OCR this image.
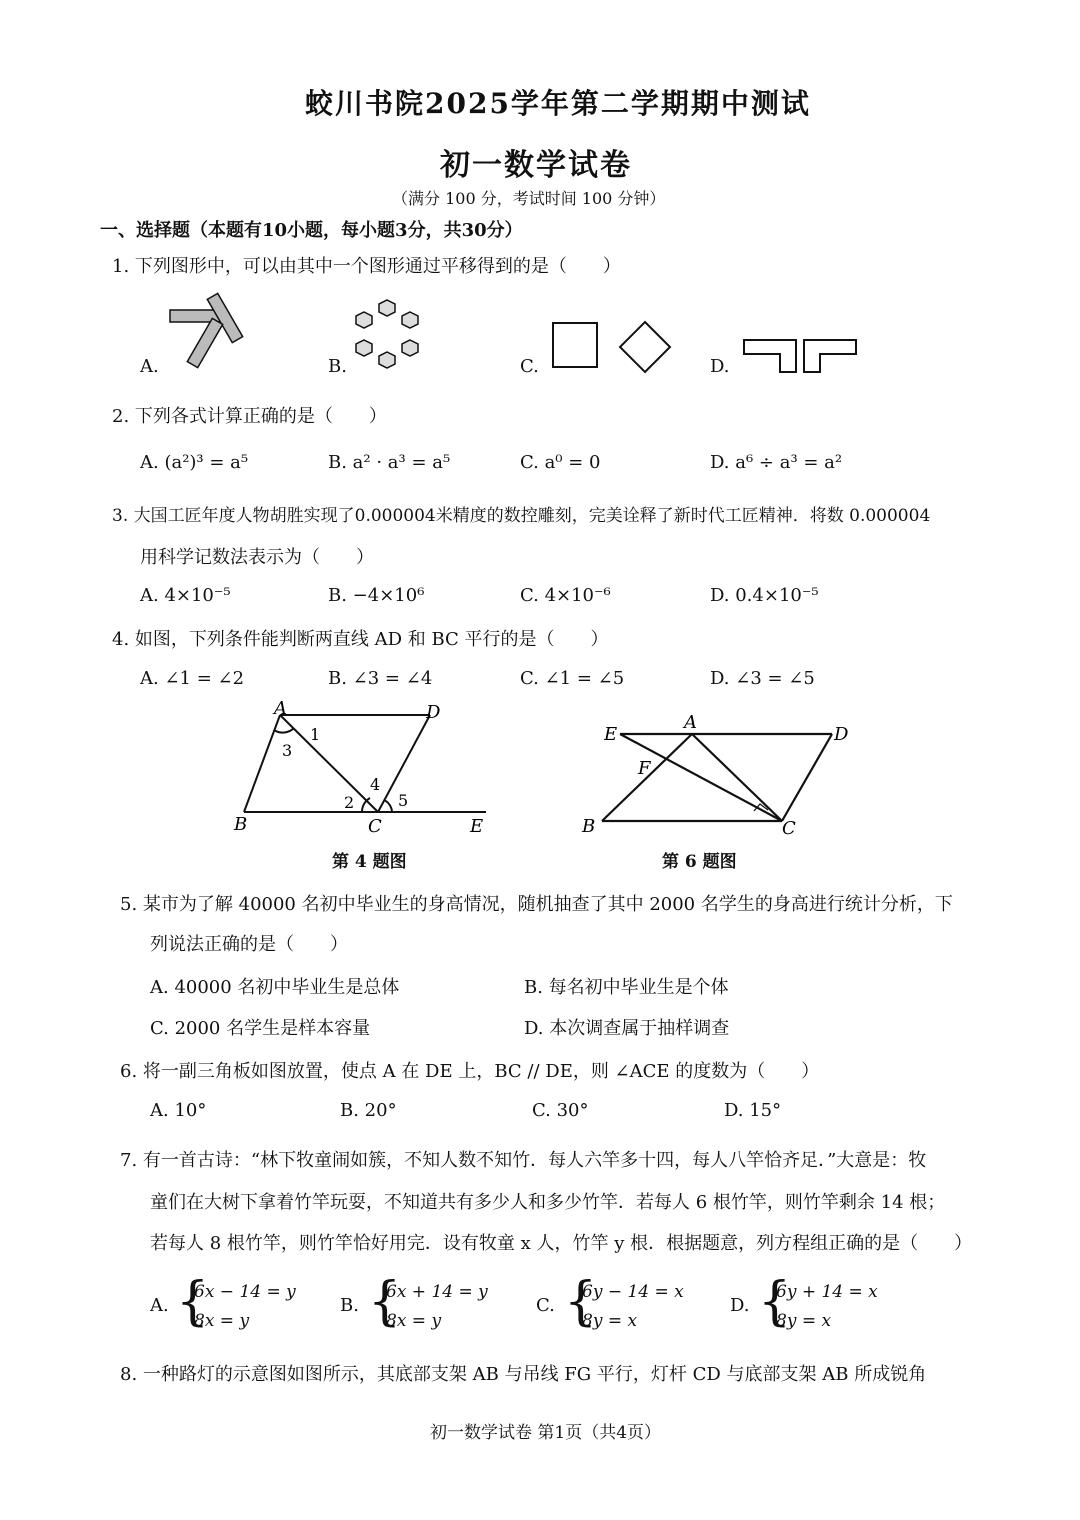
蛟川书院2025学年第二学期期中测试
初一数学试卷
（满分 100 分，考试时间 100 分钟）
一、选择题（本题有10小题，每小题3分，共30分）
1. 下列图形中，可以由其中一个图形通过平移得到的是（　　）
A.	B.	C.	D.
2. 下列各式计算正确的是（　　）
A. (a²)³ = a⁵	B. a² · a³ = a⁵	C. a⁰ = 0	D. a⁶ ÷ a³ = a²
3. 大国工匠年度人物胡胜实现了0.000004米精度的数控雕刻，完美诠释了新时代工匠精神．将数 0.000004
用科学记数法表示为（　　）
A. 4×10⁻⁵	B. −4×10⁶	C. 4×10⁻⁶	D. 0.4×10⁻⁵
4. 如图，下列条件能判断两直线 AD 和 BC 平行的是（　　）
A. ∠1 = ∠2	B. ∠3 = ∠4	C. ∠1 = ∠5	D. ∠3 = ∠5
A	D
B	C	E
1
2
3
4
5
第 4 题图
E
A
D
F
B	C
第 6 题图
5. 某市为了解 40000 名初中毕业生的身高情况，随机抽查了其中 2000 名学生的身高进行统计分析，下
列说法正确的是（　　）
A. 40000 名初中毕业生是总体	B. 每名初中毕业生是个体
C. 2000 名学生是样本容量	D. 本次调查属于抽样调查
6. 将一副三角板如图放置，使点 A 在 DE 上，BC // DE，则 ∠ACE 的度数为（　　）
A. 10°	B. 20°	C. 30°	D. 15°
7. 有一首古诗：“林下牧童闹如簇，不知人数不知竹．每人六竿多十四，每人八竿恰齐足．”大意是：牧
童们在大树下拿着竹竿玩耍，不知道共有多少人和多少竹竿．若每人 6 根竹竿，则竹竿剩余 14 根；
若每人 8 根竹竿，则竹竿恰好用完．设有牧童 x 人，竹竿 y 根．根据题意，列方程组正确的是（　　）
A. {
6x − 14 = y
8x = y
B. {
6x + 14 = y
8x = y
C. {
6y − 14 = x
8y = x
D. {
6y + 14 = x
8y = x
8. 一种路灯的示意图如图所示，其底部支架 AB 与吊线 FG 平行，灯杆 CD 与底部支架 AB 所成锐角
初一数学试卷 第1页（共4页）
